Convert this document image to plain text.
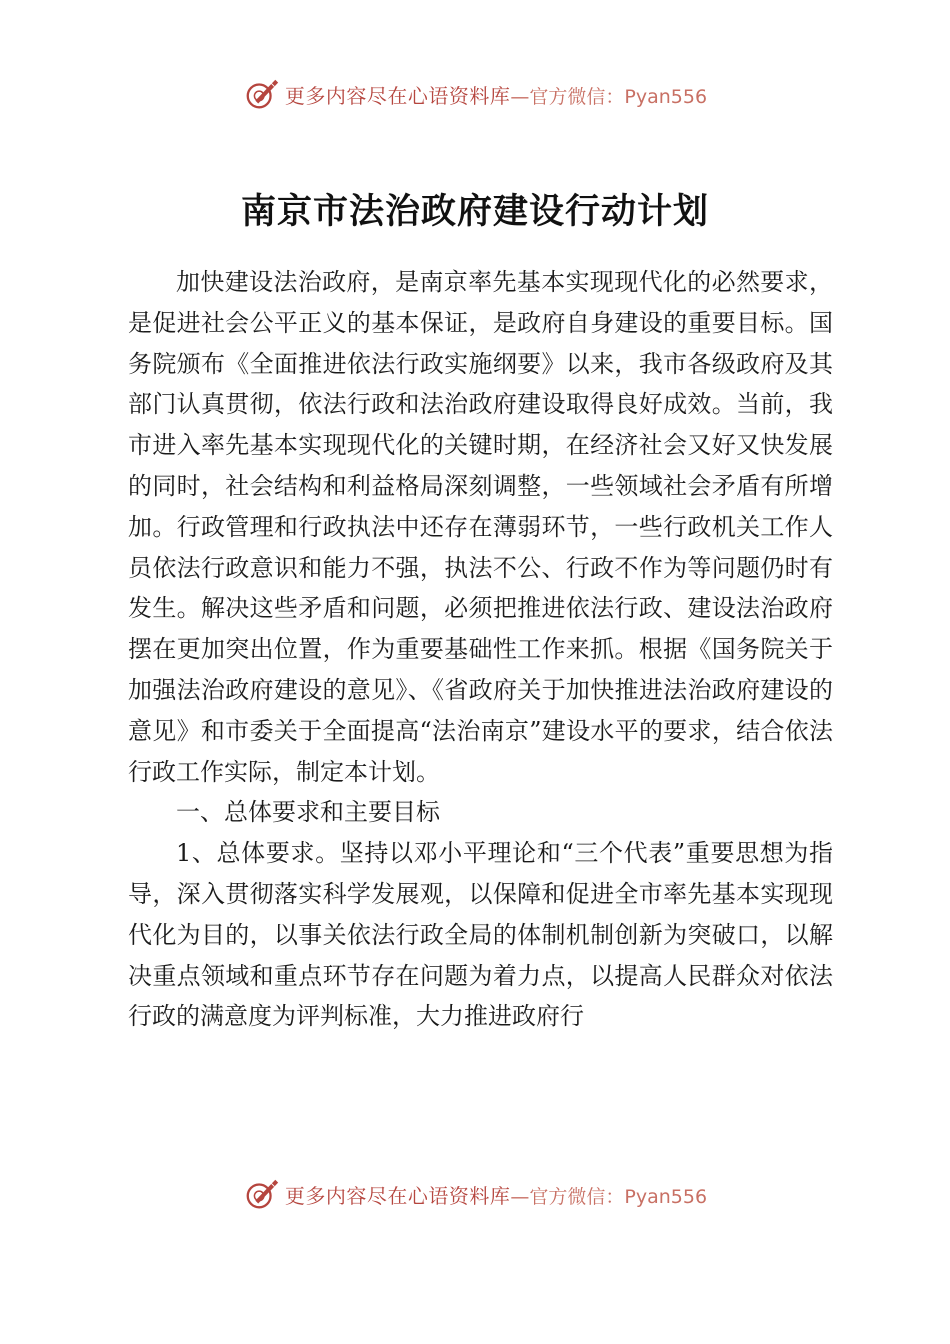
更多内容尽在心语资料库 —官方微信：Pyan556
南京市法治政府建设行动计划

加快建设法治政府，是南京率先基本实现现代化的必然要求，是促进社会公平正义的基本保证，是政府自身建设的重要目标。国务院颁布《全面推进依法行政实施纲要》以来，我市各级政府及其部门认真贯彻，依法行政和法治政府建设取得良好成效。当前，我市进入率先基本实现现代化的关键时期，在经济社会又好又快发展的同时，社会结构和利益格局深刻调整，一些领域社会矛盾有所增加。行政管理和行政执法中还存在薄弱环节，一些行政机关工作人员依法行政意识和能力不强，执法不公、行政不作为等问题仍时有发生。解决这些矛盾和问题，必须把推进依法行政、建设法治政府摆在更加突出位置，作为重要基础性工作来抓。根据《国务院关于加强法治政府建设的意见》、《省政府关于加快推进法治政府建设的意见》和市委关于全面提高“法治南京”建设水平的要求，结合依法行政工作实际，制定本计划。

一、总体要求和主要目标

1、总体要求。坚持以邓小平理论和“三个代表”重要思想为指导，深入贯彻落实科学发展观，以保障和促进全市率先基本实现现代化为目的，以事关依法行政全局的体制机制创新为突破口，以解决重点领域和重点环节存在问题为着力点，以提高人民群众对依法行政的满意度为评判标准，大力推进政府行

更多内容尽在心语资料库 —官方微信：Pyan556
